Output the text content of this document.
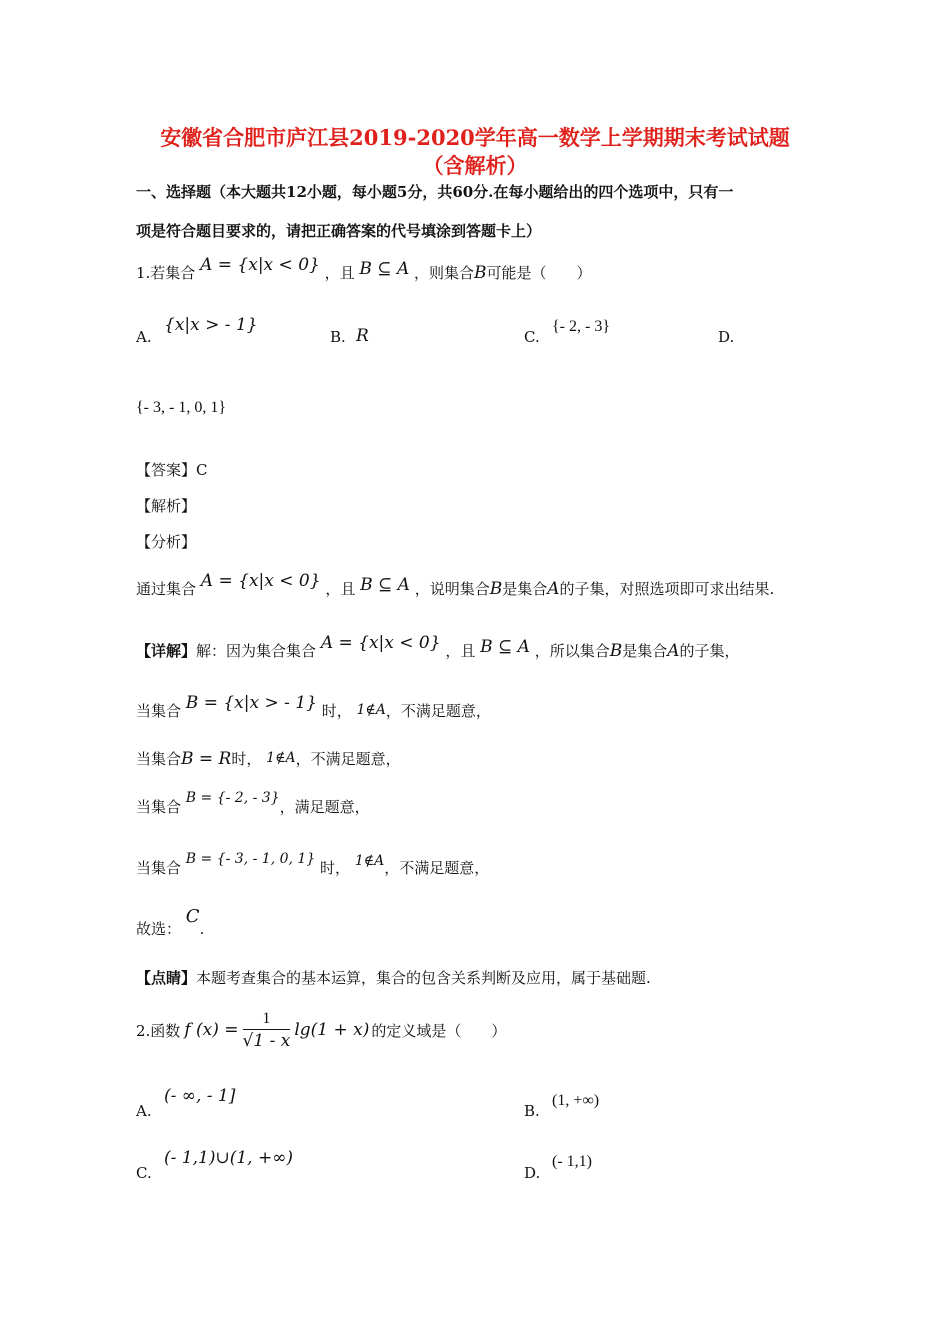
安徽省合肥市庐江县2019-2020学年高一数学上学期期末考试试题
（含解析）
一、选择题（本大题共12小题，每小题5分，共60分.在每小题给出的四个选项中，只有一
项是符合题目要求的，请把正确答案的代号填涂到答题卡上）
1.若集合 A = {x|x < 0} ，且 B ⊆ A ，则集合B可能是（　　）
A.
{x|x > - 1}
B. R	C.
{- 2, - 3}
D.
{- 3, - 1, 0, 1}
【答案】C
【解析】
【分析】
通过集合 A = {x|x < 0} ，且 B ⊆ A ，说明集合B是集合A的子集，对照选项即可求出结果.
【详解】解：因为集合集合 A = {x|x < 0} ，且 B ⊆ A ，所以集合B是集合A的子集，
当集合 B = {x|x > - 1} 时， 1∉A，不满足题意，
当集合B = R时， 1∉A，不满足题意，
当集合 B = {- 2, - 3}，满足题意，
当集合 B = {- 3, - 1, 0, 1} 时， 1∉A，不满足题意，
故选： C.
【点睛】本题考查集合的基本运算，集合的包含关系判断及应用，属于基础题.
2.函数 f $(x) = \frac{1}{√1 - x} \lg(1 + x)$ 的定义域是（　　）
A.
(- ∞, - 1]
B.
(1, +∞)
C.
(- 1,1)∪(1, +∞)
D.
(- 1,1)
